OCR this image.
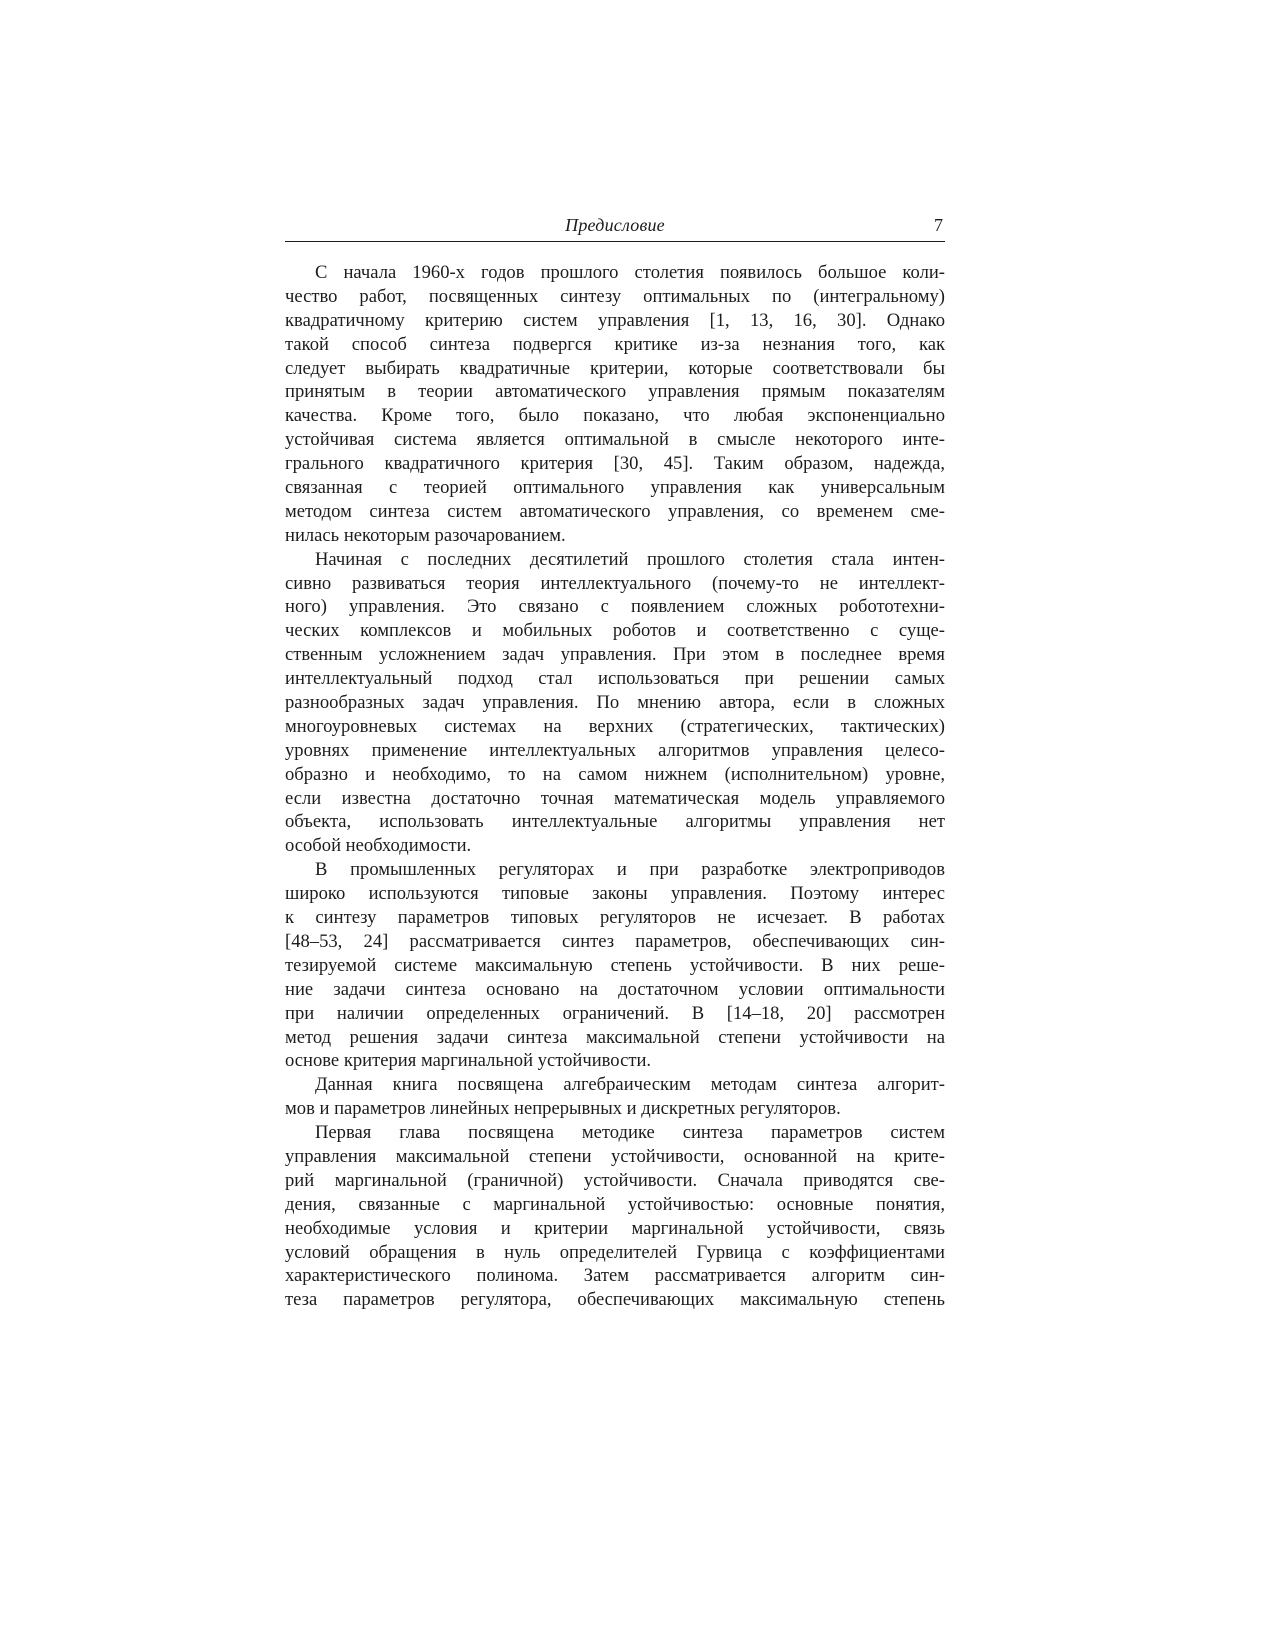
Предисловие	7
С начала 1960-х годов прошлого столетия появилось большое коли-
чество работ, посвященных синтезу оптимальных по (интегральному)
квадратичному критерию систем управления [1, 13, 16, 30]. Однако
такой способ синтеза подвергся критике из-за незнания того, как
следует выбирать квадратичные критерии, которые соответствовали бы
принятым в теории автоматического управления прямым показателям
качества. Кроме того, было показано, что любая экспоненциально
устойчивая система является оптимальной в смысле некоторого инте-
грального квадратичного критерия [30, 45]. Таким образом, надежда,
связанная с теорией оптимального управления как универсальным
методом синтеза систем автоматического управления, со временем сме-
нилась некоторым разочарованием.
Начиная с последних десятилетий прошлого столетия стала интен-
сивно развиваться теория интеллектуального (почему-то не интеллект-
ного) управления. Это связано с появлением сложных робототехни-
ческих комплексов и мобильных роботов и соответственно с суще-
ственным усложнением задач управления. При этом в последнее время
интеллектуальный подход стал использоваться при решении самых
разнообразных задач управления. По мнению автора, если в сложных
многоуровневых системах на верхних (стратегических, тактических)
уровнях применение интеллектуальных алгоритмов управления целесо-
образно и необходимо, то на самом нижнем (исполнительном) уровне,
если известна достаточно точная математическая модель управляемого
объекта, использовать интеллектуальные алгоритмы управления нет
особой необходимости.
В промышленных регуляторах и при разработке электроприводов
широко используются типовые законы управления. Поэтому интерес
к синтезу параметров типовых регуляторов не исчезает. В работах
[48–53, 24] рассматривается синтез параметров, обеспечивающих син-
тезируемой системе максимальную степень устойчивости. В них реше-
ние задачи синтеза основано на достаточном условии оптимальности
при наличии определенных ограничений. В [14–18, 20] рассмотрен
метод решения задачи синтеза максимальной степени устойчивости на
основе критерия маргинальной устойчивости.
Данная книга посвящена алгебраическим методам синтеза алгорит-
мов и параметров линейных непрерывных и дискретных регуляторов.
Первая глава посвящена методике синтеза параметров систем
управления максимальной степени устойчивости, основанной на крите-
рий маргинальной (граничной) устойчивости. Сначала приводятся све-
дения, связанные с маргинальной устойчивостью: основные понятия,
необходимые условия и критерии маргинальной устойчивости, связь
условий обращения в нуль определителей Гурвица с коэффициентами
характеристического полинома. Затем рассматривается алгоритм син-
теза параметров регулятора, обеспечивающих максимальную степень
